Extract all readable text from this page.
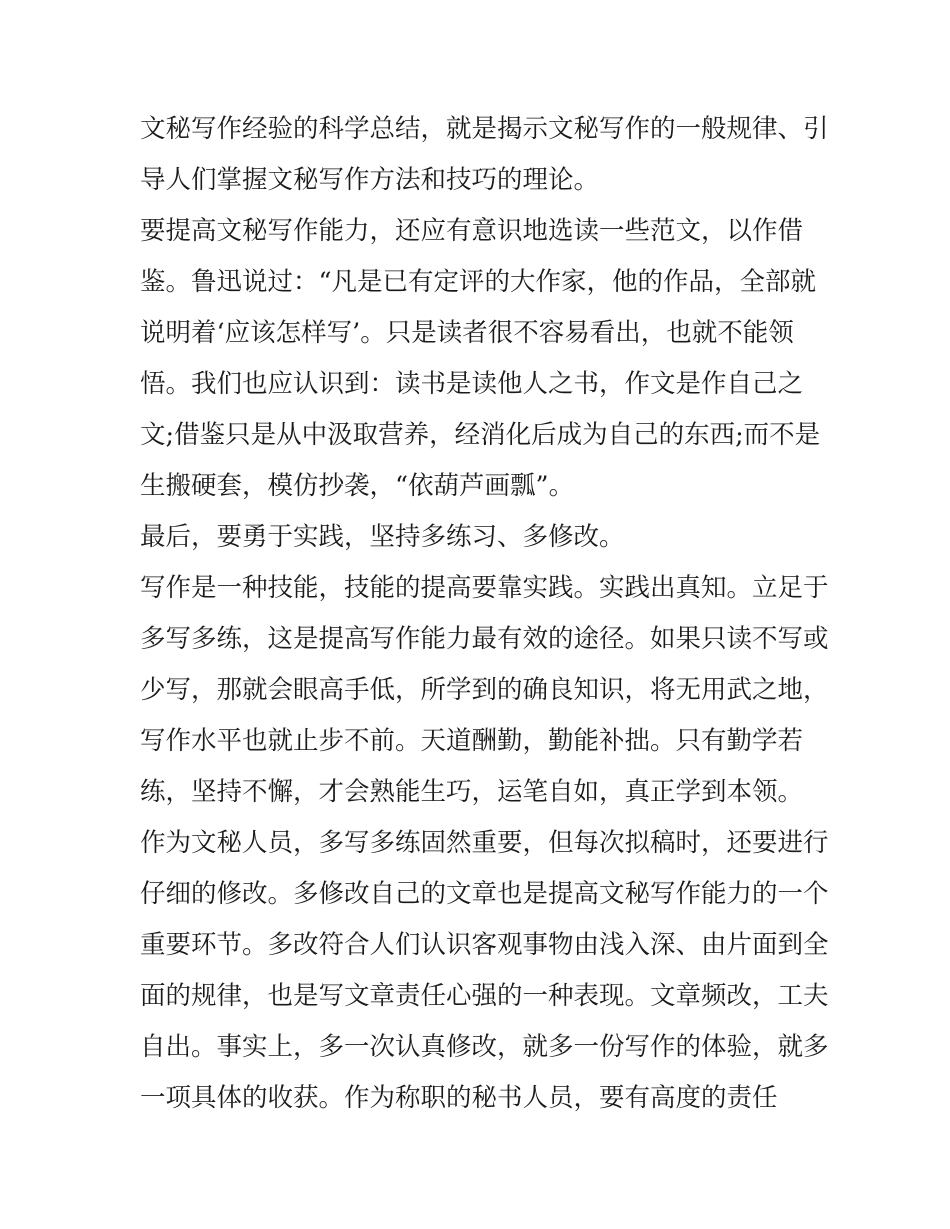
文秘写作经验的科学总结，就是揭示文秘写作的一般规律、引
导人们掌握文秘写作方法和技巧的理论。
要提高文秘写作能力，还应有意识地选读一些范文，以作借
鉴。鲁迅说过：“凡是已有定评的大作家，他的作品，全部就
说明着‘应该怎样写’。只是读者很不容易看出，也就不能领
悟。我们也应认识到：读书是读他人之书，作文是作自己之
文;借鉴只是从中汲取营养，经消化后成为自己的东西;而不是
生搬硬套，模仿抄袭，“依葫芦画瓢”。
最后，要勇于实践，坚持多练习、多修改。
写作是一种技能，技能的提高要靠实践。实践出真知。立足于
多写多练，这是提高写作能力最有效的途径。如果只读不写或
少写，那就会眼高手低，所学到的确良知识，将无用武之地，
写作水平也就止步不前。天道酬勤，勤能补拙。只有勤学若
练，坚持不懈，才会熟能生巧，运笔自如，真正学到本领。
作为文秘人员，多写多练固然重要，但每次拟稿时，还要进行
仔细的修改。多修改自己的文章也是提高文秘写作能力的一个
重要环节。多改符合人们认识客观事物由浅入深、由片面到全
面的规律，也是写文章责任心强的一种表现。文章频改，工夫
自出。事实上，多一次认真修改，就多一份写作的体验，就多
一项具体的收获。作为称职的秘书人员，要有高度的责任
